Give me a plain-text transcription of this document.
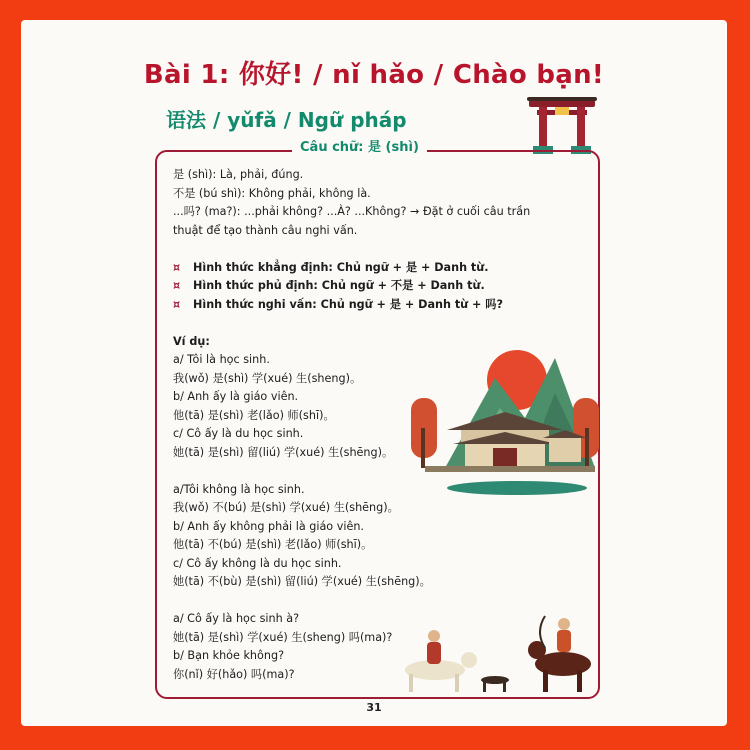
Bài 1: 你好! / nǐ hǎo / Chào bạn!
语法 / yǔfǎ / Ngữ pháp
Câu chữ: 是 (shì)
是 (shì): Là, phải, đúng.
不是 (bú shì): Không phải, không là.
...吗? (ma?): ...phải không? ...À? ...Không? → Đặt ở cuối câu trần
thuật để tạo thành câu nghi vấn.
¤ Hình thức khẳng định: Chủ ngữ + 是 + Danh từ.
¤ Hình thức phủ định: Chủ ngữ + 不是 + Danh từ.
¤ Hình thức nghi vấn: Chủ ngữ + 是 + Danh từ + 吗?
Ví dụ:
a/ Tôi là học sinh.
我(wǒ) 是(shì) 学(xué) 生(sheng)。
b/ Anh ấy là giáo viên.
他(tā) 是(shì) 老(lǎo) 师(shī)。
c/ Cô ấy là du học sinh.
她(tā) 是(shì) 留(liú) 学(xué) 生(shēng)。
a/Tôi không là học sinh.
我(wǒ) 不(bú) 是(shì) 学(xué) 生(shēng)。
b/ Anh ấy không phải là giáo viên.
他(tā) 不(bú) 是(shì) 老(lǎo) 师(shī)。
c/ Cô ấy không là du học sinh.
她(tā) 不(bù) 是(shì) 留(liú) 学(xué) 生(shēng)。
a/ Cô ấy là học sinh à?
她(tā) 是(shì) 学(xué) 生(sheng) 吗(ma)?
b/ Bạn khỏe không?
你(nǐ) 好(hǎo) 吗(ma)?
31
